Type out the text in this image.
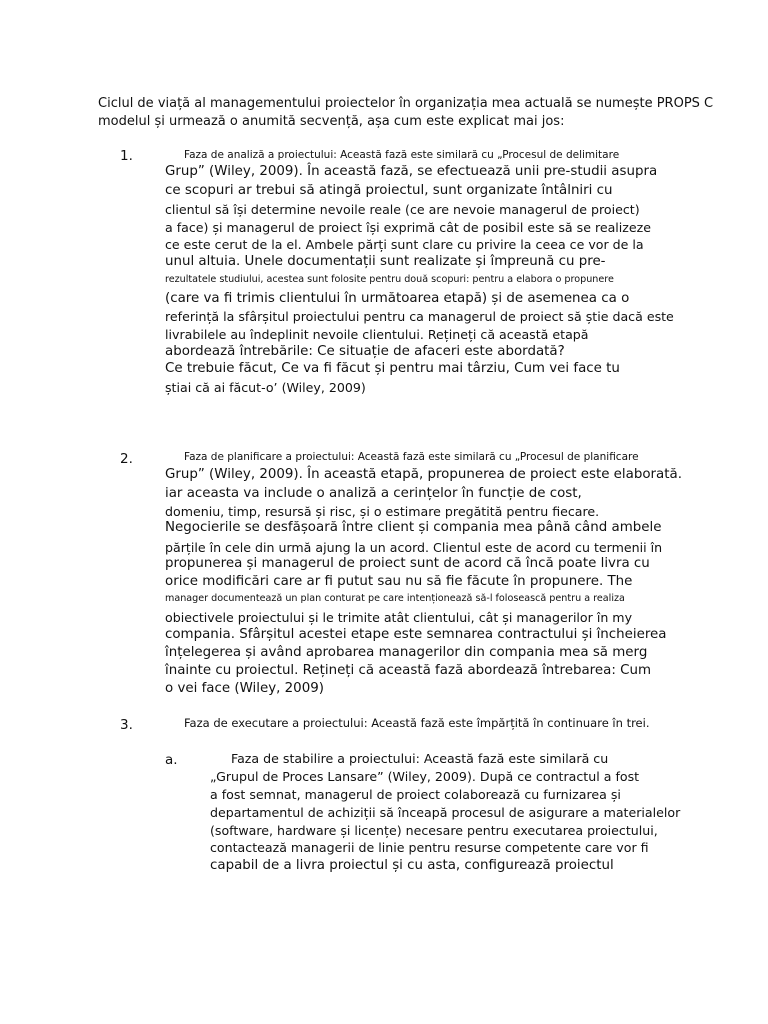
Ciclul de viață al managementului proiectelor în organizația mea actuală se numește PROPS C
modelul și urmează o anumită secvență, așa cum este explicat mai jos:
1.	Faza de analiză a proiectului: Această fază este similară cu „Procesul de delimitare
Grup” (Wiley, 2009). În această fază, se efectuează unii pre-studii asupra
ce scopuri ar trebui să atingă proiectul, sunt organizate întâlniri cu
clientul să își determine nevoile reale (ce are nevoie managerul de proiect)
a face) și managerul de proiect își exprimă cât de posibil este să se realizeze
ce este cerut de la el. Ambele părți sunt clare cu privire la ceea ce vor de la
unul altuia. Unele documentații sunt realizate și împreună cu pre-
rezultatele studiului, acestea sunt folosite pentru două scopuri: pentru a elabora o propunere
(care va fi trimis clientului în următoarea etapă) și de asemenea ca o
referință la sfârșitul proiectului pentru ca managerul de proiect să știe dacă este
livrabilele au îndeplinit nevoile clientului. Rețineți că această etapă
abordează întrebările: Ce situație de afaceri este abordată?
Ce trebuie făcut, Ce va fi făcut și pentru mai târziu, Cum vei face tu
știai că ai făcut-o’ (Wiley, 2009)
2.	Faza de planificare a proiectului: Această fază este similară cu „Procesul de planificare
Grup” (Wiley, 2009). În această etapă, propunerea de proiect este elaborată.
iar aceasta va include o analiză a cerințelor în funcție de cost,
domeniu, timp, resursă și risc, și o estimare pregătită pentru fiecare.
Negocierile se desfășoară între client și compania mea până când ambele
părțile în cele din urmă ajung la un acord. Clientul este de acord cu termenii în
propunerea și managerul de proiect sunt de acord că încă poate livra cu
orice modificări care ar fi putut sau nu să fie făcute în propunere. The
manager documentează un plan conturat pe care intenționează să-l folosească pentru a realiza
obiectivele proiectului și le trimite atât clientului, cât și managerilor în my
compania. Sfârșitul acestei etape este semnarea contractului și încheierea
înțelegerea și având aprobarea managerilor din compania mea să merg
înainte cu proiectul. Rețineți că această fază abordează întrebarea: Cum
o vei face (Wiley, 2009)
3.	Faza de executare a proiectului: Această fază este împărțită în continuare în trei.
a.	Faza de stabilire a proiectului: Această fază este similară cu
„Grupul de Proces Lansare” (Wiley, 2009). După ce contractul a fost
a fost semnat, managerul de proiect colaborează cu furnizarea și
departamentul de achiziții să înceapă procesul de asigurare a materialelor
(software, hardware și licențe) necesare pentru executarea proiectului,
contactează managerii de linie pentru resurse competente care vor fi
capabil de a livra proiectul și cu asta, configurează proiectul
